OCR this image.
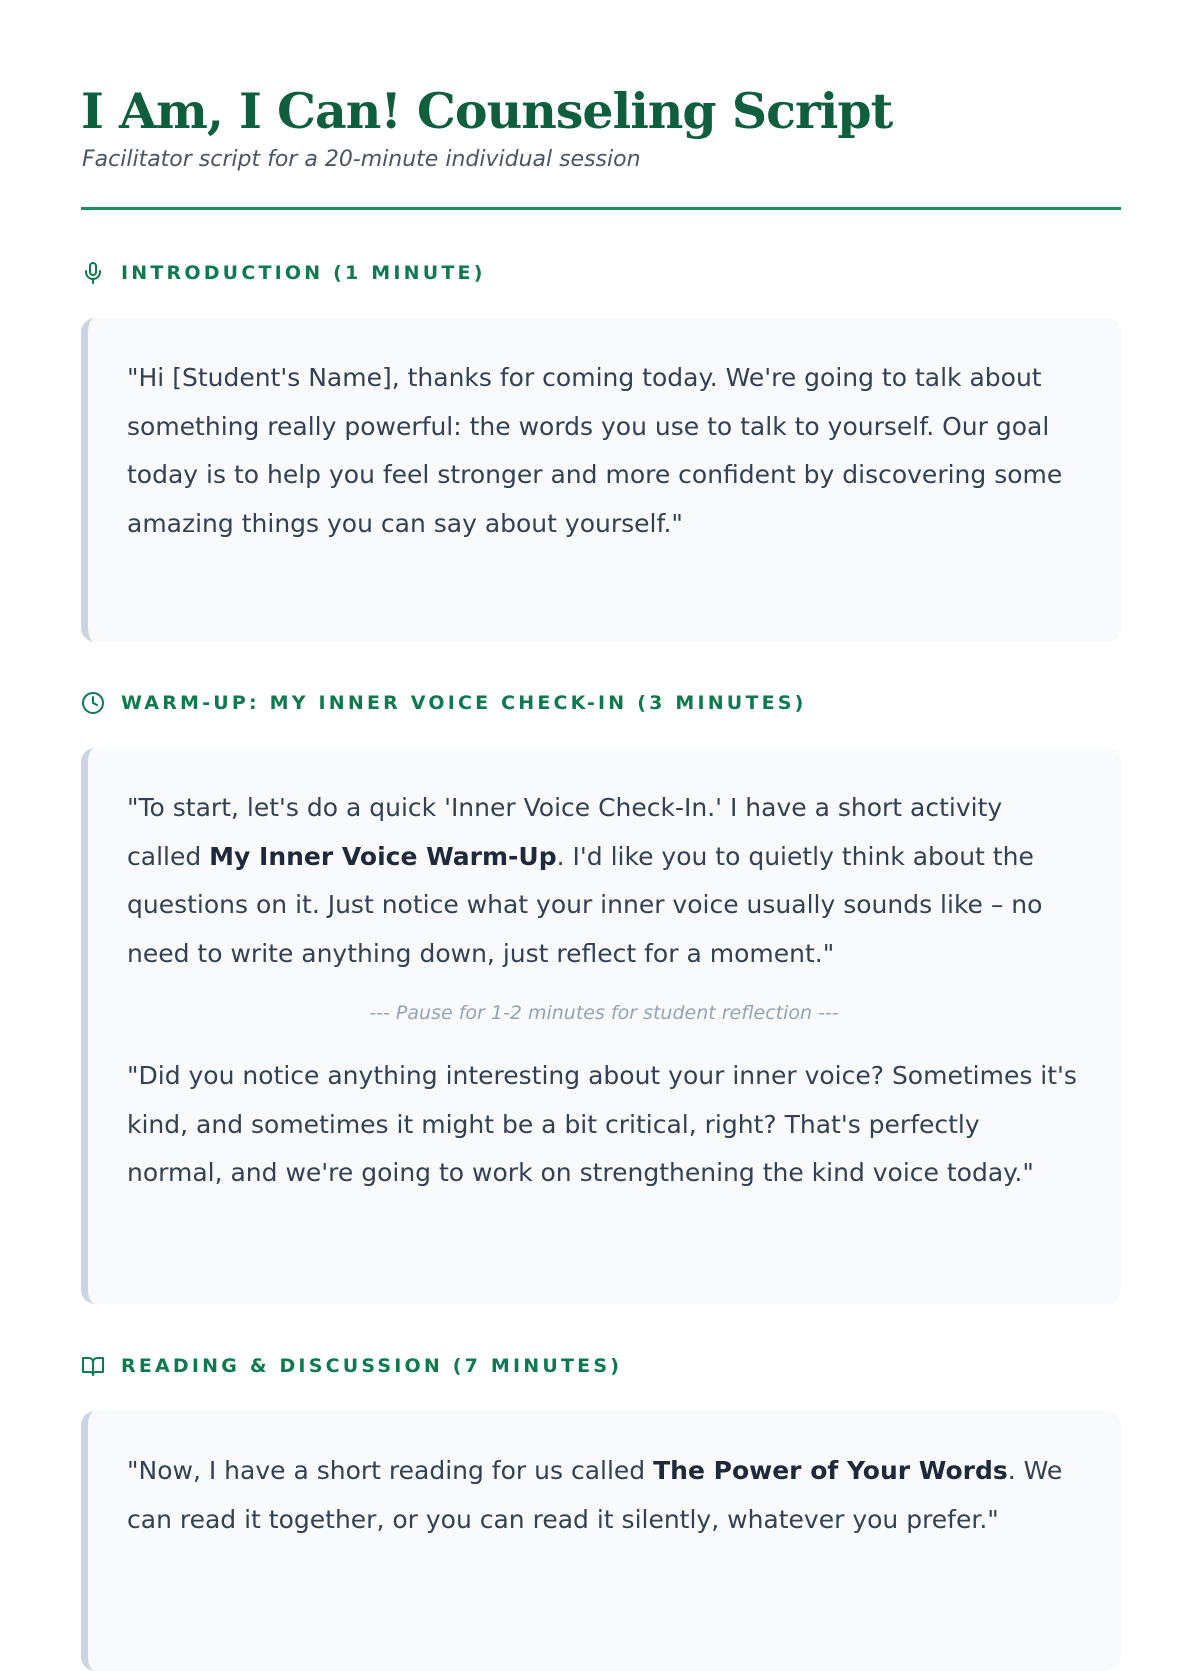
I Am, I Can! Counseling Script

Facilitator script for a 20-minute individual session

INTRODUCTION (1 MINUTE)

"Hi [Student's Name], thanks for coming today. We're going to talk about something really powerful: the words you use to talk to yourself. Our goal today is to help you feel stronger and more confident by discovering some amazing things you can say about yourself."

WARM-UP: MY INNER VOICE CHECK-IN (3 MINUTES)

"To start, let's do a quick 'Inner Voice Check-In.' I have a short activity called My Inner Voice Warm-Up. I'd like you to quietly think about the questions on it. Just notice what your inner voice usually sounds like – no need to write anything down, just reflect for a moment."

--- Pause for 1-2 minutes for student reflection ---

"Did you notice anything interesting about your inner voice? Sometimes it's kind, and sometimes it might be a bit critical, right? That's perfectly normal, and we're going to work on strengthening the kind voice today."

READING & DISCUSSION (7 MINUTES)

"Now, I have a short reading for us called The Power of Your Words. We can read it together, or you can read it silently, whatever you prefer."
